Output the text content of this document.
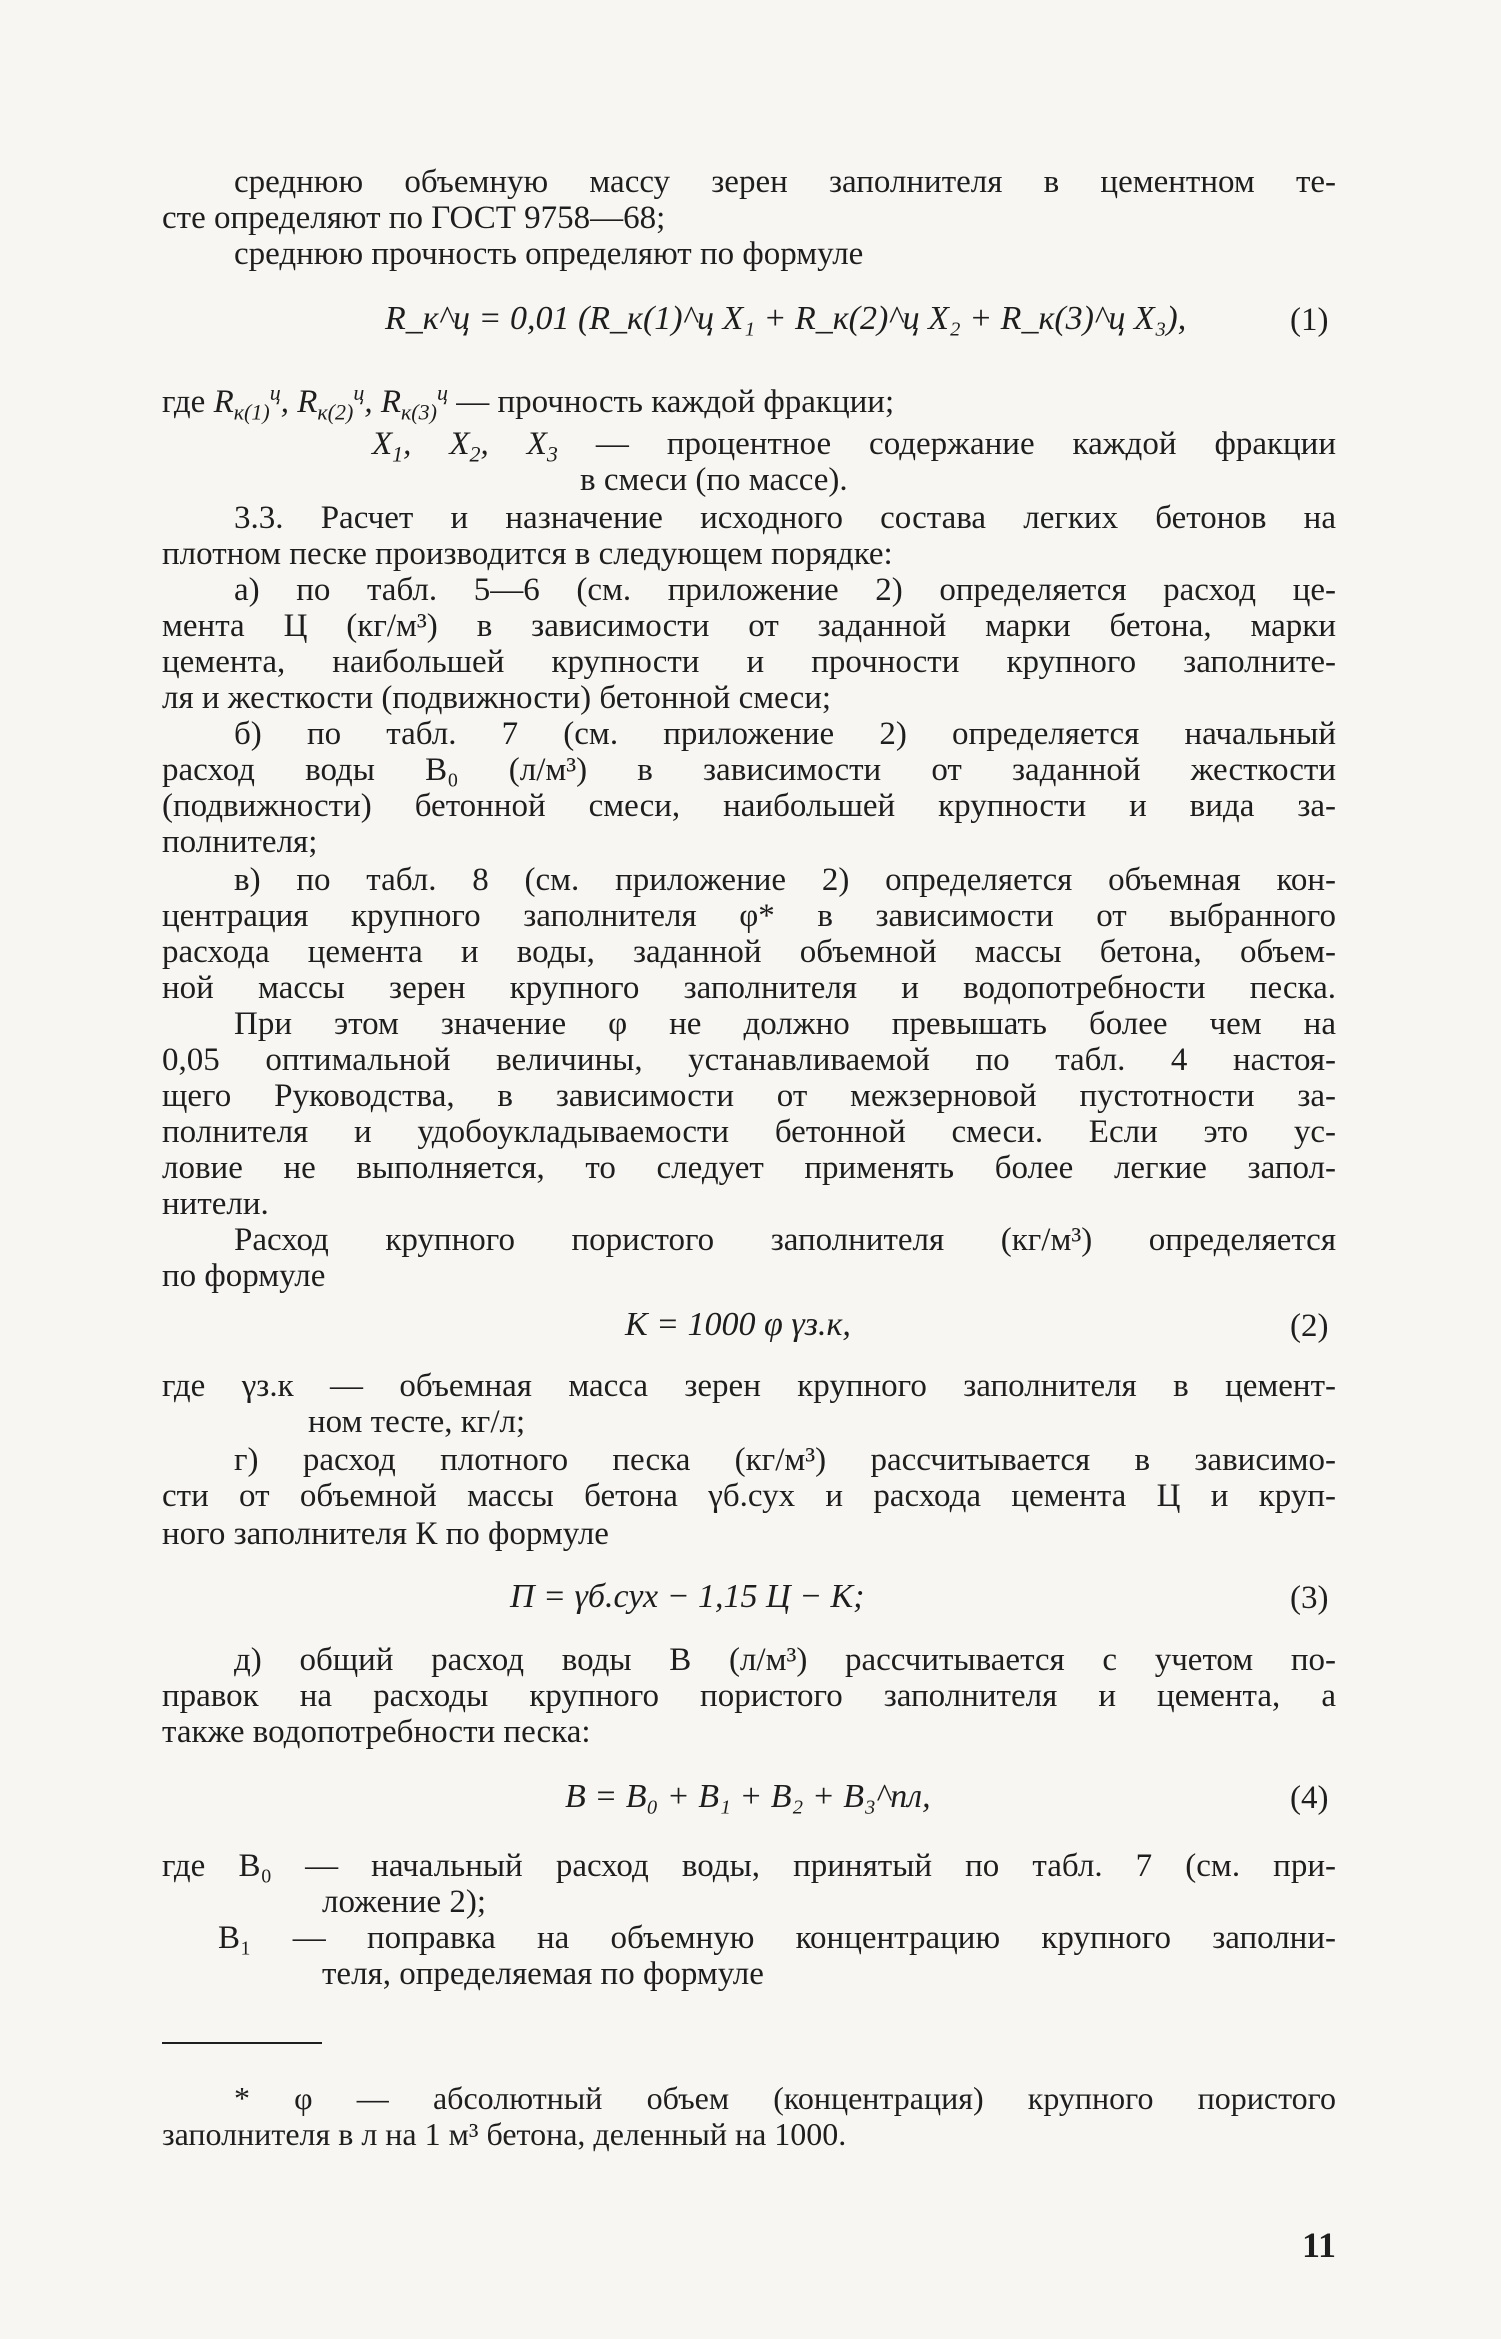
среднюю объемную массу зерен заполнителя в цементном те-
сте определяют по ГОСТ 9758—68;
среднюю прочность определяют по формуле
R_к^ц = 0,01 (R_к(1)^ц X₁ + R_к(2)^ц X₂ + R_к(3)^ц X₃),	(1)
где $R_{к(1)}^ц$, $R_{к(2)}^ц$, $R_{к(3)}^ц$ — прочность каждой фракции;
$X_1$, $X_2$, $X_3$ — процентное содержание каждой фракции
в смеси (по массе).
3.3. Расчет и назначение исходного состава легких бетонов на
плотном песке производится в следующем порядке:
а) по табл. 5—6 (см. приложение 2) определяется расход це-
мента Ц (кг/м³) в зависимости от заданной марки бетона, марки
цемента, наибольшей крупности и прочности крупного заполните-
ля и жесткости (подвижности) бетонной смеси;
б) по табл. 7 (см. приложение 2) определяется начальный
расход воды В₀ (л/м³) в зависимости от заданной жесткости
(подвижности) бетонной смеси, наибольшей крупности и вида за-
полнителя;
в) по табл. 8 (см. приложение 2) определяется объемная кон-
центрация крупного заполнителя φ* в зависимости от выбранного
расхода цемента и воды, заданной объемной массы бетона, объем-
ной массы зерен крупного заполнителя и водопотребности песка.
При этом значение φ не должно превышать более чем на
0,05 оптимальной величины, устанавливаемой по табл. 4 настоя-
щего Руководства, в зависимости от межзерновой пустотности за-
полнителя и удобоукладываемости бетонной смеси. Если это ус-
ловие не выполняется, то следует применять более легкие запол-
нители.
Расход крупного пористого заполнителя (кг/м³) определяется
по формуле
К = 1000 φ γз.к,	(2)
где γз.к — объемная масса зерен крупного заполнителя в цемент-
ном тесте, кг/л;
г) расход плотного песка (кг/м³) рассчитывается в зависимо-
сти от объемной массы бетона γб.сух и расхода цемента Ц и круп-
ного заполнителя К по формуле
П = γб.сух − 1,15 Ц − К;	(3)
д) общий расход воды В (л/м³) рассчитывается с учетом по-
правок на расходы крупного пористого заполнителя и цемента, а
также водопотребности песка:
В = В₀ + В₁ + В₂ + В₃^пл,	(4)
где B₀ — начальный расход воды, принятый по табл. 7 (см. при-
ложение 2);
B₁ — поправка на объемную концентрацию крупного заполни-
теля, определяемая по формуле
* φ — абсолютный объем (концентрация) крупного пористого
заполнителя в л на 1 м³ бетона, деленный на 1000.
11
